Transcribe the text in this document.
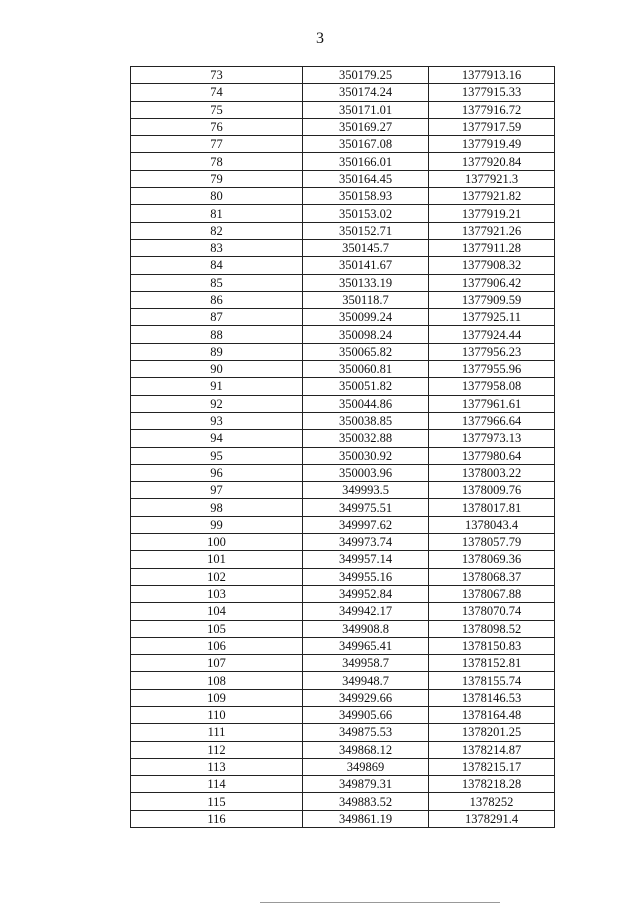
3
73	350179.25	1377913.16
74	350174.24	1377915.33
75	350171.01	1377916.72
76	350169.27	1377917.59
77	350167.08	1377919.49
78	350166.01	1377920.84
79	350164.45	1377921.3
80	350158.93	1377921.82
81	350153.02	1377919.21
82	350152.71	1377921.26
83	350145.7	1377911.28
84	350141.67	1377908.32
85	350133.19	1377906.42
86	350118.7	1377909.59
87	350099.24	1377925.11
88	350098.24	1377924.44
89	350065.82	1377956.23
90	350060.81	1377955.96
91	350051.82	1377958.08
92	350044.86	1377961.61
93	350038.85	1377966.64
94	350032.88	1377973.13
95	350030.92	1377980.64
96	350003.96	1378003.22
97	349993.5	1378009.76
98	349975.51	1378017.81
99	349997.62	1378043.4
100	349973.74	1378057.79
101	349957.14	1378069.36
102	349955.16	1378068.37
103	349952.84	1378067.88
104	349942.17	1378070.74
105	349908.8	1378098.52
106	349965.41	1378150.83
107	349958.7	1378152.81
108	349948.7	1378155.74
109	349929.66	1378146.53
110	349905.66	1378164.48
111	349875.53	1378201.25
112	349868.12	1378214.87
113	349869	1378215.17
114	349879.31	1378218.28
115	349883.52	1378252
116	349861.19	1378291.4
